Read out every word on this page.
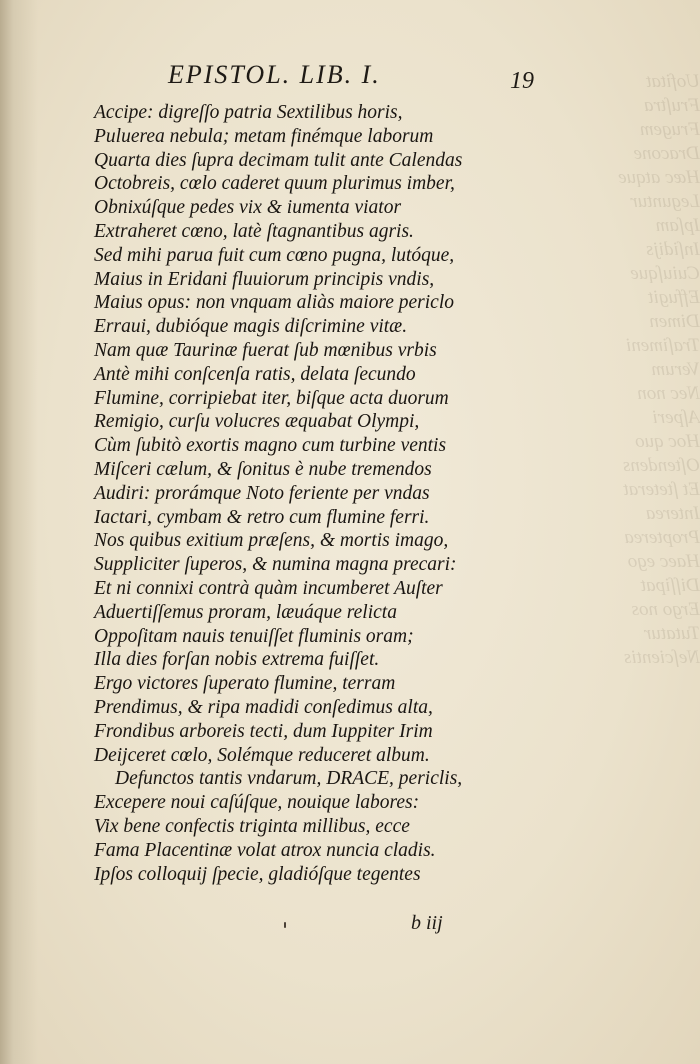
Uofitat
Fruſtra
Frugem
Dracone
Hæc atque
Leguntur
Ipſam
Inſidijs
Cuiuſque
Effugit
Dimen
Traſimeni
Verum
Nec non
Aſperi
Hoc quo
Oſtendens
Et ſteterat
Interea
Propterea
Haec ego
Diſſipat
Ergo nos
Tutatur
Neſcientis

EPISTOL. LIB. I.	19
Accipe: digreſſo patria Sextilibus horis,
Puluerea nebula; metam finémque laborum
Quarta dies ſupra decimam tulit ante Calendas
Octobreis, cœlo caderet quum plurimus imber,
Obnixúſque pedes vix & iumenta viator
Extraheret cœno, latè ſtagnantibus agris.
Sed mihi parua fuit cum cœno pugna, lutóque,
Maius in Eridani fluuiorum principis vndis,
Maius opus: non vnquam aliàs maiore periclo
Erraui, dubióque magis diſcrimine vitæ.
Nam quæ Taurinæ fuerat ſub mœnibus vrbis
Antè mihi conſcenſa ratis, delata ſecundo
Flumine, corripiebat iter, biſque acta duorum
Remigio, curſu volucres æquabat Olympi,
Cùm ſubitò exortis magno cum turbine ventis
Miſceri cælum, & ſonitus è nube tremendos
Audiri: prorámque Noto feriente per vndas
Iactari, cymbam & retro cum flumine ferri.
Nos quibus exitium præſens, & mortis imago,
Suppliciter ſuperos, & numina magna precari:
Et ni connixi contrà quàm incumberet Auſter
Aduertiſſemus proram, læuáque relicta
Oppoſitam nauis tenuiſſet fluminis oram;
Illa dies forſan nobis extrema fuiſſet.
Ergo victores ſuperato flumine, terram
Prendimus, & ripa madidi conſedimus alta,
Frondibus arboreis tecti, dum Iuppiter Irim
Deijceret cœlo, Solémque reduceret album.
Defunctos tantis vndarum, DRACE, periclis,
Excepere noui caſúſque, nouique labores:
Vix bene confectis triginta millibus, ecce
Fama Placentinæ volat atrox nuncia cladis.
Ipſos colloquij ſpecie, gladióſque tegentes
b iij
